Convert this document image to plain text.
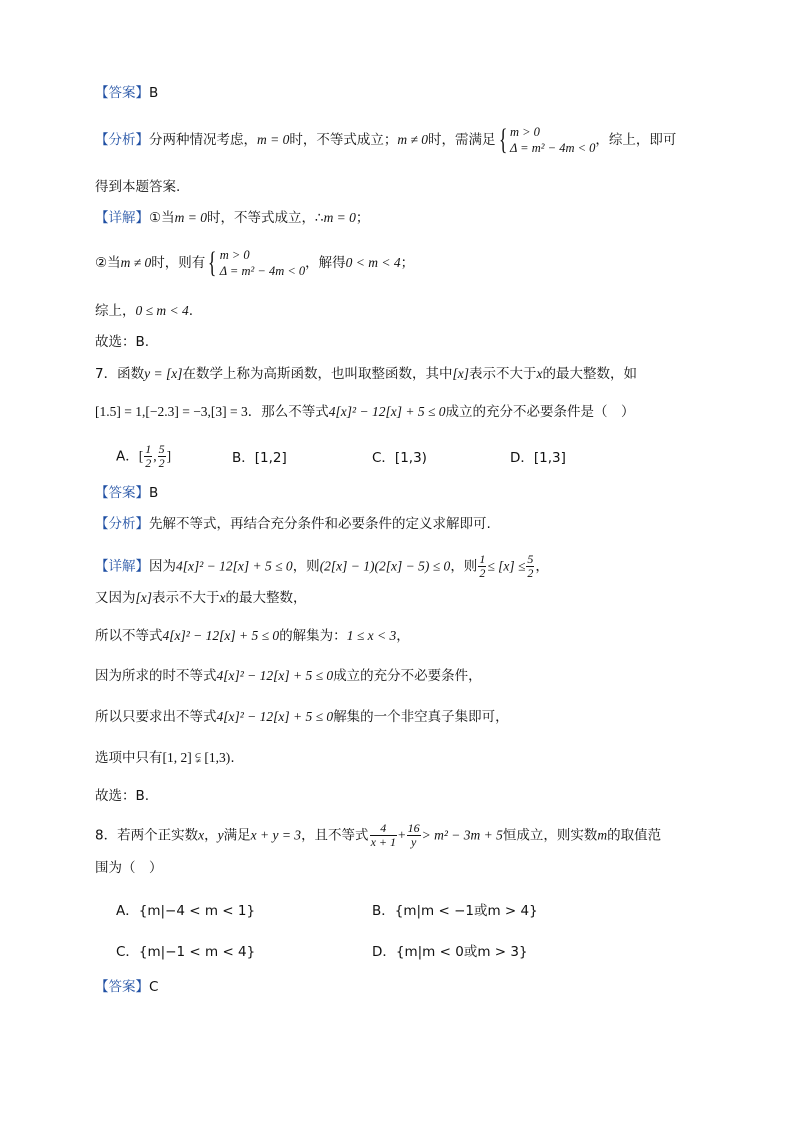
【答案】B
【分析】分两种情况考虑，m = 0时，不等式成立；m ≠ 0时，需满足{ m > 0
Δ = m² − 4m < 0 ，综上，即可
得到本题答案.
【详解】①当m = 0时，不等式成立，∴m = 0；
②当m ≠ 0时，则有{ m > 0
Δ = m² − 4m < 0 ，解得0 < m < 4；
综上，0 ≤ m < 4.
故选：B.
7．函数y = [x]在数学上称为高斯函数，也叫取整函数，其中[x]表示不大于x的最大整数，如
[1.5] = 1,[−2.3] = −3,[3] = 3．那么不等式4[x]² − 12[x] + 5 ≤ 0成立的充分不必要条件是（　）
A．[ $\frac{1}{2}$ , $\frac{5}{2}$ ]	B．[1,2]	C．[1,3)	D．[1,3]
【答案】B
【分析】先解不等式，再结合充分条件和必要条件的定义求解即可.
【详解】因为4[x]² − 12[x] + 5 ≤ 0，则(2[x] − 1)(2[x] − 5) ≤ 0，则 $\frac{1}{2} \le [x] \le \frac{5}{2}$ ，
又因为[x]表示不大于x的最大整数，
所以不等式4[x]² − 12[x] + 5 ≤ 0的解集为：1 ≤ x < 3，
因为所求的时不等式4[x]² − 12[x] + 5 ≤ 0成立的充分不必要条件，
所以只要求出不等式4[x]² − 12[x] + 5 ≤ 0解集的一个非空真子集即可，
选项中只有[1, 2] ⫋ [1,3).
故选：B.
8．若两个正实数x，y满足x + y = 3，且不等式 $\frac{4}{x + 1} + \frac{16}{y} > m^2 - 3m + 5$恒成立，则实数m的取值范
围为（　）
A．{m|−4 < m < 1}	B．{m|m < −1或m > 4}
C．{m|−1 < m < 4}	D．{m|m < 0或m > 3}
【答案】C
